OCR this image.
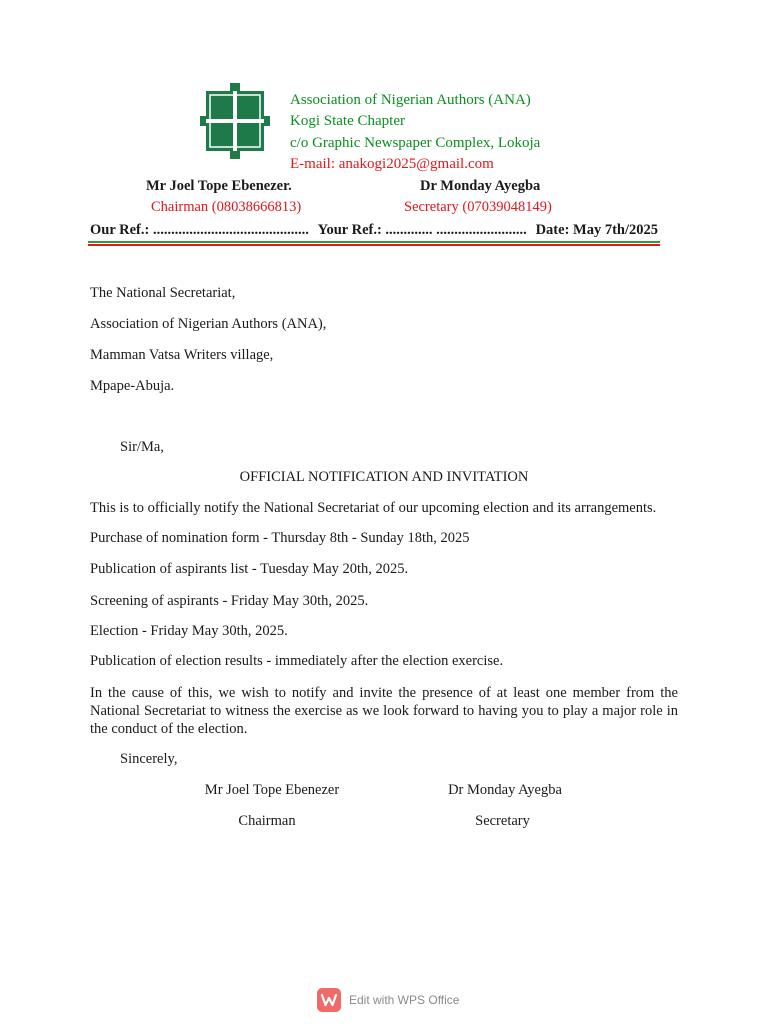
Association of Nigerian Authors (ANA)
Kogi State Chapter
c/o Graphic Newspaper Complex, Lokoja
E-mail: anakogi2025@gmail.com
Mr Joel Tope Ebenezer.	Dr Monday Ayegba
Chairman (08038666813)	Secretary (07039048149)
Our Ref.: ........................................... Your Ref.: ............. ......................... Date: May 7th/2025
The National Secretariat,
Association of Nigerian Authors (ANA),
Mamman Vatsa Writers village,
Mpape-Abuja.
Sir/Ma,
OFFICIAL NOTIFICATION AND INVITATION
This is to officially notify the National Secretariat of our upcoming election and its arrangements.
Purchase of nomination form - Thursday 8th - Sunday 18th, 2025
Publication of aspirants list - Tuesday May 20th, 2025.
Screening of aspirants - Friday May 30th, 2025.
Election - Friday May 30th, 2025.
Publication of election results - immediately after the election exercise.
In the cause of this, we wish to notify and invite the presence of at least one member from the National Secretariat to witness the exercise as we look forward to having you to play a major role in the conduct of the election.
Sincerely,
Mr Joel Tope Ebenezer	Dr Monday Ayegba
Chairman	Secretary
Edit with WPS Office
